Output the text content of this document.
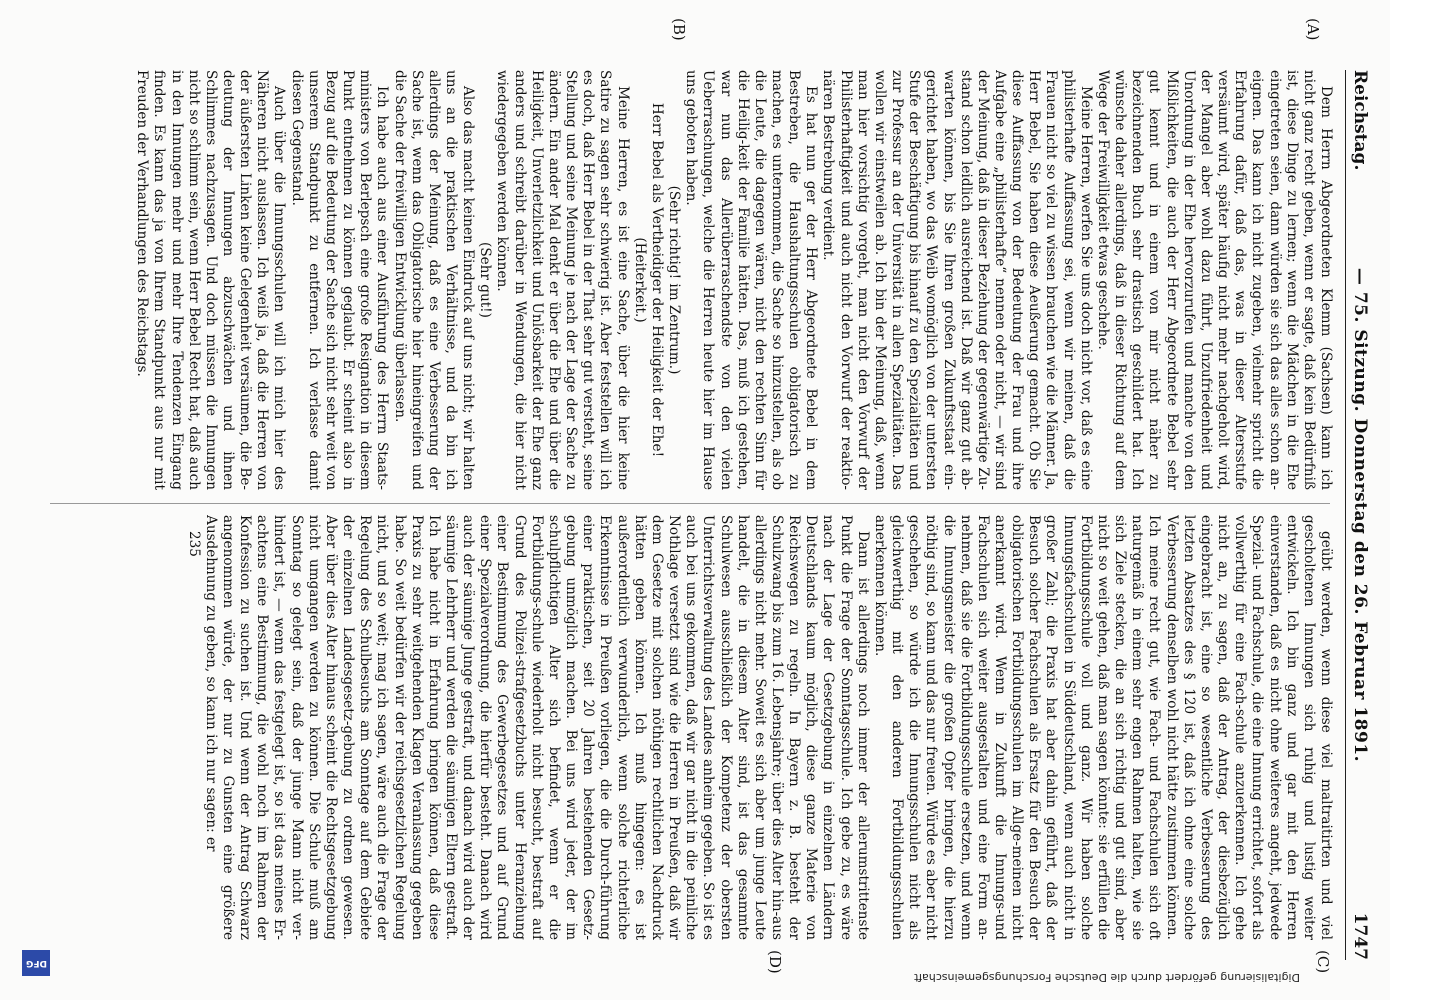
Reichstag.
— 75. Sitzung. Donnerstag den 26. Februar 1891.
1747
(A)
(B)
(C)
(D)

Dem Herrn Abgeordneten Klemm (Sachsen) kann ich nicht ganz recht geben, wenn er sagte, daß kein Bedürfniß ist, diese Dinge zu lernen; wenn die Mädchen in die Ehe eingetreten seien, dann würden sie sich das alles schon an-eignen. Das kann ich nicht zugeben, vielmehr spricht die Erfahrung dafür, daß das, was in dieser Altersstufe versäumt wird, später häufig nicht mehr nachgeholt wird, der Mangel aber wohl dazu führt, Unzufriedenheit und Unordnung in der Ehe hervorzurufen und manche von den Mißlichkeiten, die auch der Herr Abgeordnete Bebel sehr gut kennt und in einem von mir nicht näher zu bezeichnenden Buch sehr drastisch geschildert hat. Ich wünsche daher allerdings, daß in dieser Richtung auf dem Wege der Freiwilligkeit etwas geschehe.

Meine Herren, werfen Sie uns doch nicht vor, daß es eine philisterhafte Auffassung sei, wenn wir meinen, daß die Frauen nicht so viel zu wissen brauchen wie die Männer. Ja, Herr Bebel, Sie haben diese Aeußerung gemacht. Ob Sie diese Auffassung von der Bedeutung der Frau und ihre Aufgabe eine „philisterhafte“ nennen oder nicht, — wir sind der Meinung, daß in dieser Beziehung der gegenwärtige Zu-stand schon leidlich ausreichend ist. Daß wir ganz gut ab-warten können, bis Sie Ihren großen Zukunftsstaat ein-gerichtet haben, wo das Weib womöglich von der untersten Stufe der Beschäftigung bis hinauf zu den Spezialitäten und zur Professur an der Universität in allen Spezialitäten. Das wollen wir einstweilen ab. Ich bin der Meinung, daß, wenn man hier vorsichtig vorgeht, man nicht den Vorwurf der Philisterhaftigkeit und auch nicht den Vorwurf der reaktio-nären Bestrebung verdient.

Es hat nun ger der Herr Abgeordnete Bebel in dem Bestreben, die Haushaltungsschulen obligatorisch zu machen, es unternommen, die Sache so hinzustellen, als ob die Leute, die dagegen wären, nicht den rechten Sinn für die Heilig-keit der Familie hätten. Das, muß ich gestehen, war nun das Allerüberraschendste von den vielen Ueberraschungen, welche die Herren heute hier im Hause uns geboten haben.

(Sehr richtig! im Zentrum.)

Herr Bebel als Vertheidiger der Heiligkeit der Ehe!

(Heiterkeit.)

Meine Herren, es ist eine Sache, über die hier keine Satire zu sagen sehr schwierig ist. Aber feststellen will ich es doch, daß Herr Bebel in der That sehr gut versteht, seine Stellung und seine Meinung je nach der Lage der Sache zu ändern. Ein ander Mal denkt er über die Ehe und über die Heiligkeit, Unverletzlichkeit und Unlösbarkeit der Ehe ganz anders und schreibt darüber in Wendungen, die hier nicht wiedergegeben werden können.

(Sehr gut!)

Also das macht keinen Eindruck auf uns nicht; wir halten uns an die praktischen Verhältnisse, und da bin ich allerdings der Meinung, daß es eine Verbesserung der Sache ist, wenn das Obligatorische hier hineingreifen und die Sache der freiwilligen Entwicklung überlassen.

Ich habe auch aus einer Ausführung des Herrn Staats-ministers von Berlepsch eine große Resignation in diesem Punkt entnehmen zu können geglaubt. Er scheint also in Bezug auf die Bedeutung der Sache sich nicht sehr weit von unserem Standpunkt zu entfernen. Ich verlasse damit diesen Gegenstand.

Auch über die Innungsschulen will ich mich hier des Näheren nicht auslassen. Ich weiß ja, daß die Herren von der äußersten Linken keine Gelegenheit versäumen, die Be-deutung der Innungen abzuschwächen und ihnen Schlimmes nachzusagen. Und doch müssen die Innungen nicht so schlimm sein, wenn Herr Bebel Recht hat, daß auch in den Innungen mehr und mehr Ihre Tendenzen Eingang finden. Es kann das ja von Ihrem Standpunkt aus nur mit Freuden der Verhandlungen des Reichstags.

geübt werden, wenn diese viel maltraitirten und viel gescholtenen Innungen sich ruhig und lustig weiter entwickeln. Ich bin ganz und gar mit den Herren einverstanden, daß es nicht ohne weiteres angeht, jedwede Spezial- und Fachschule, die eine Innung errichtet, sofort als vollwerthig für eine Fach-schule anzuerkennen. Ich gehe nicht an, zu sagen, daß der Antrag, der diesbezüglich eingebracht ist, eine so wesentliche Verbesserung des letzten Absatzes des § 120 ist, daß ich ohne eine solche Verbesserung denselben wohl nicht hätte zustimmen können. Ich meine recht gut, wie Fach- und Fachschulen sich oft naturgemäß in einem sehr engen Rahmen halten, wie sie sich Ziele stecken, die an sich richtig und gut sind, aber nicht so weit gehen, daß man sagen könnte: sie erfüllen die Fortbildungsschule voll und ganz. Wir haben solche Innungsfachschulen in Süddeutschland, wenn auch nicht in großer Zahl; die Praxis hat aber dahin geführt, daß der Besuch solcher Fachschulen als Ersatz für den Besuch der obligatorischen Fortbildungsschulen im Allge-meinen nicht anerkannt wird. Wenn in Zukunft die Innungs-und Fachschulen sich weiter ausgestalten und eine Form an-nehmen, daß sie die Fortbildungsschule ersetzen, und wenn die Innungsmeister die großen Opfer bringen, die hierzu nöthig sind, so kann und das nur freuen. Würde es aber nicht geschehen, so würde ich die Innungsschulen nicht als gleichwerthig mit den anderen Fortbildungsschulen anerkennen können.

Dann ist allerdings noch immer der allerumstrittenste Punkt die Frage der Sonntagsschule. Ich gebe zu, es wäre nach der Lage der Gesetzgebung in einzelnen Ländern Deutschlands kaum möglich, diese ganze Materie von Reichswegen zu regeln. In Bayern z. B. besteht der Schulzwang bis zum 16. Lebensjahre; über dies Alter hin-aus allerdings nicht mehr. Soweit es sich aber um junge Leute handelt, die in diesem Alter sind, ist das gesammte Schulwesen ausschließlich der Kompetenz der obersten Unterrichtsverwaltung des Landes anheim gegeben. So ist es auch bei uns gekommen, daß wir gar nicht in die peinliche Nothlage versetzt sind wie die Herren in Preußen, daß wir dem Gesetze mit solchen nöthigen rechtlichen Nachdruck hätten geben können. Ich muß hingegen: es ist außerordentlich verwunderlich, wenn solche richterliche Erkenntnisse in Preußen vorliegen, die die Durch-führung einer praktischen, seit 20 Jahren bestehenden Gesetz-gebung unmöglich machen. Bei uns wird jeder, der im schulpflichtigen Alter sich befindet, wenn er die Fortbildungs-schule wiederholt nicht besucht, bestraft auf Grund des Polizei-strafgesetzbuchs unter Heranziehung einer Bestimmung des Gewerbegesetzes und auf Grund einer Spezialverordnung, die hierfür besteht. Danach wird auch der säumige Junge gestraft, und danach wird auch der säumige Lehrherr und werden die säumigen Eltern gestraft. Ich habe nicht in Erfahrung bringen können, daß diese Praxis zu sehr weitgehenden Klagen Veranlassung gegeben habe. So weit bedürfen wir der reichsgesetzlichen Regelung nicht, und so weit; mag ich sagen, wäre auch die Frage der Regelung des Schulbesuchs am Sonntage auf dem Gebiete der einzelnen Landesgesetz-gebung zu ordnen gewesen. Aber über dies Alter hinaus scheint die Rechtsgesetzgebung nicht umgangen werden zu können. Die Schule muß am Sonntag so gelegt sein, daß der junge Mann nicht ver-hindert ist, — wenn das festgelegt ist, so ist das meines Er-achtens eine Bestimmung, die wohl noch im Rahmen der Konfession zu suchen ist. Und wenn der Antrag Schwarz angenommen würde, der nur zu Gunsten eine größere Ausdehnung zu geben, so kann ich nur sagen: er

235

Digitalisierung gefördert durch die Deutsche Forschungsgemeinschaft
DFG
